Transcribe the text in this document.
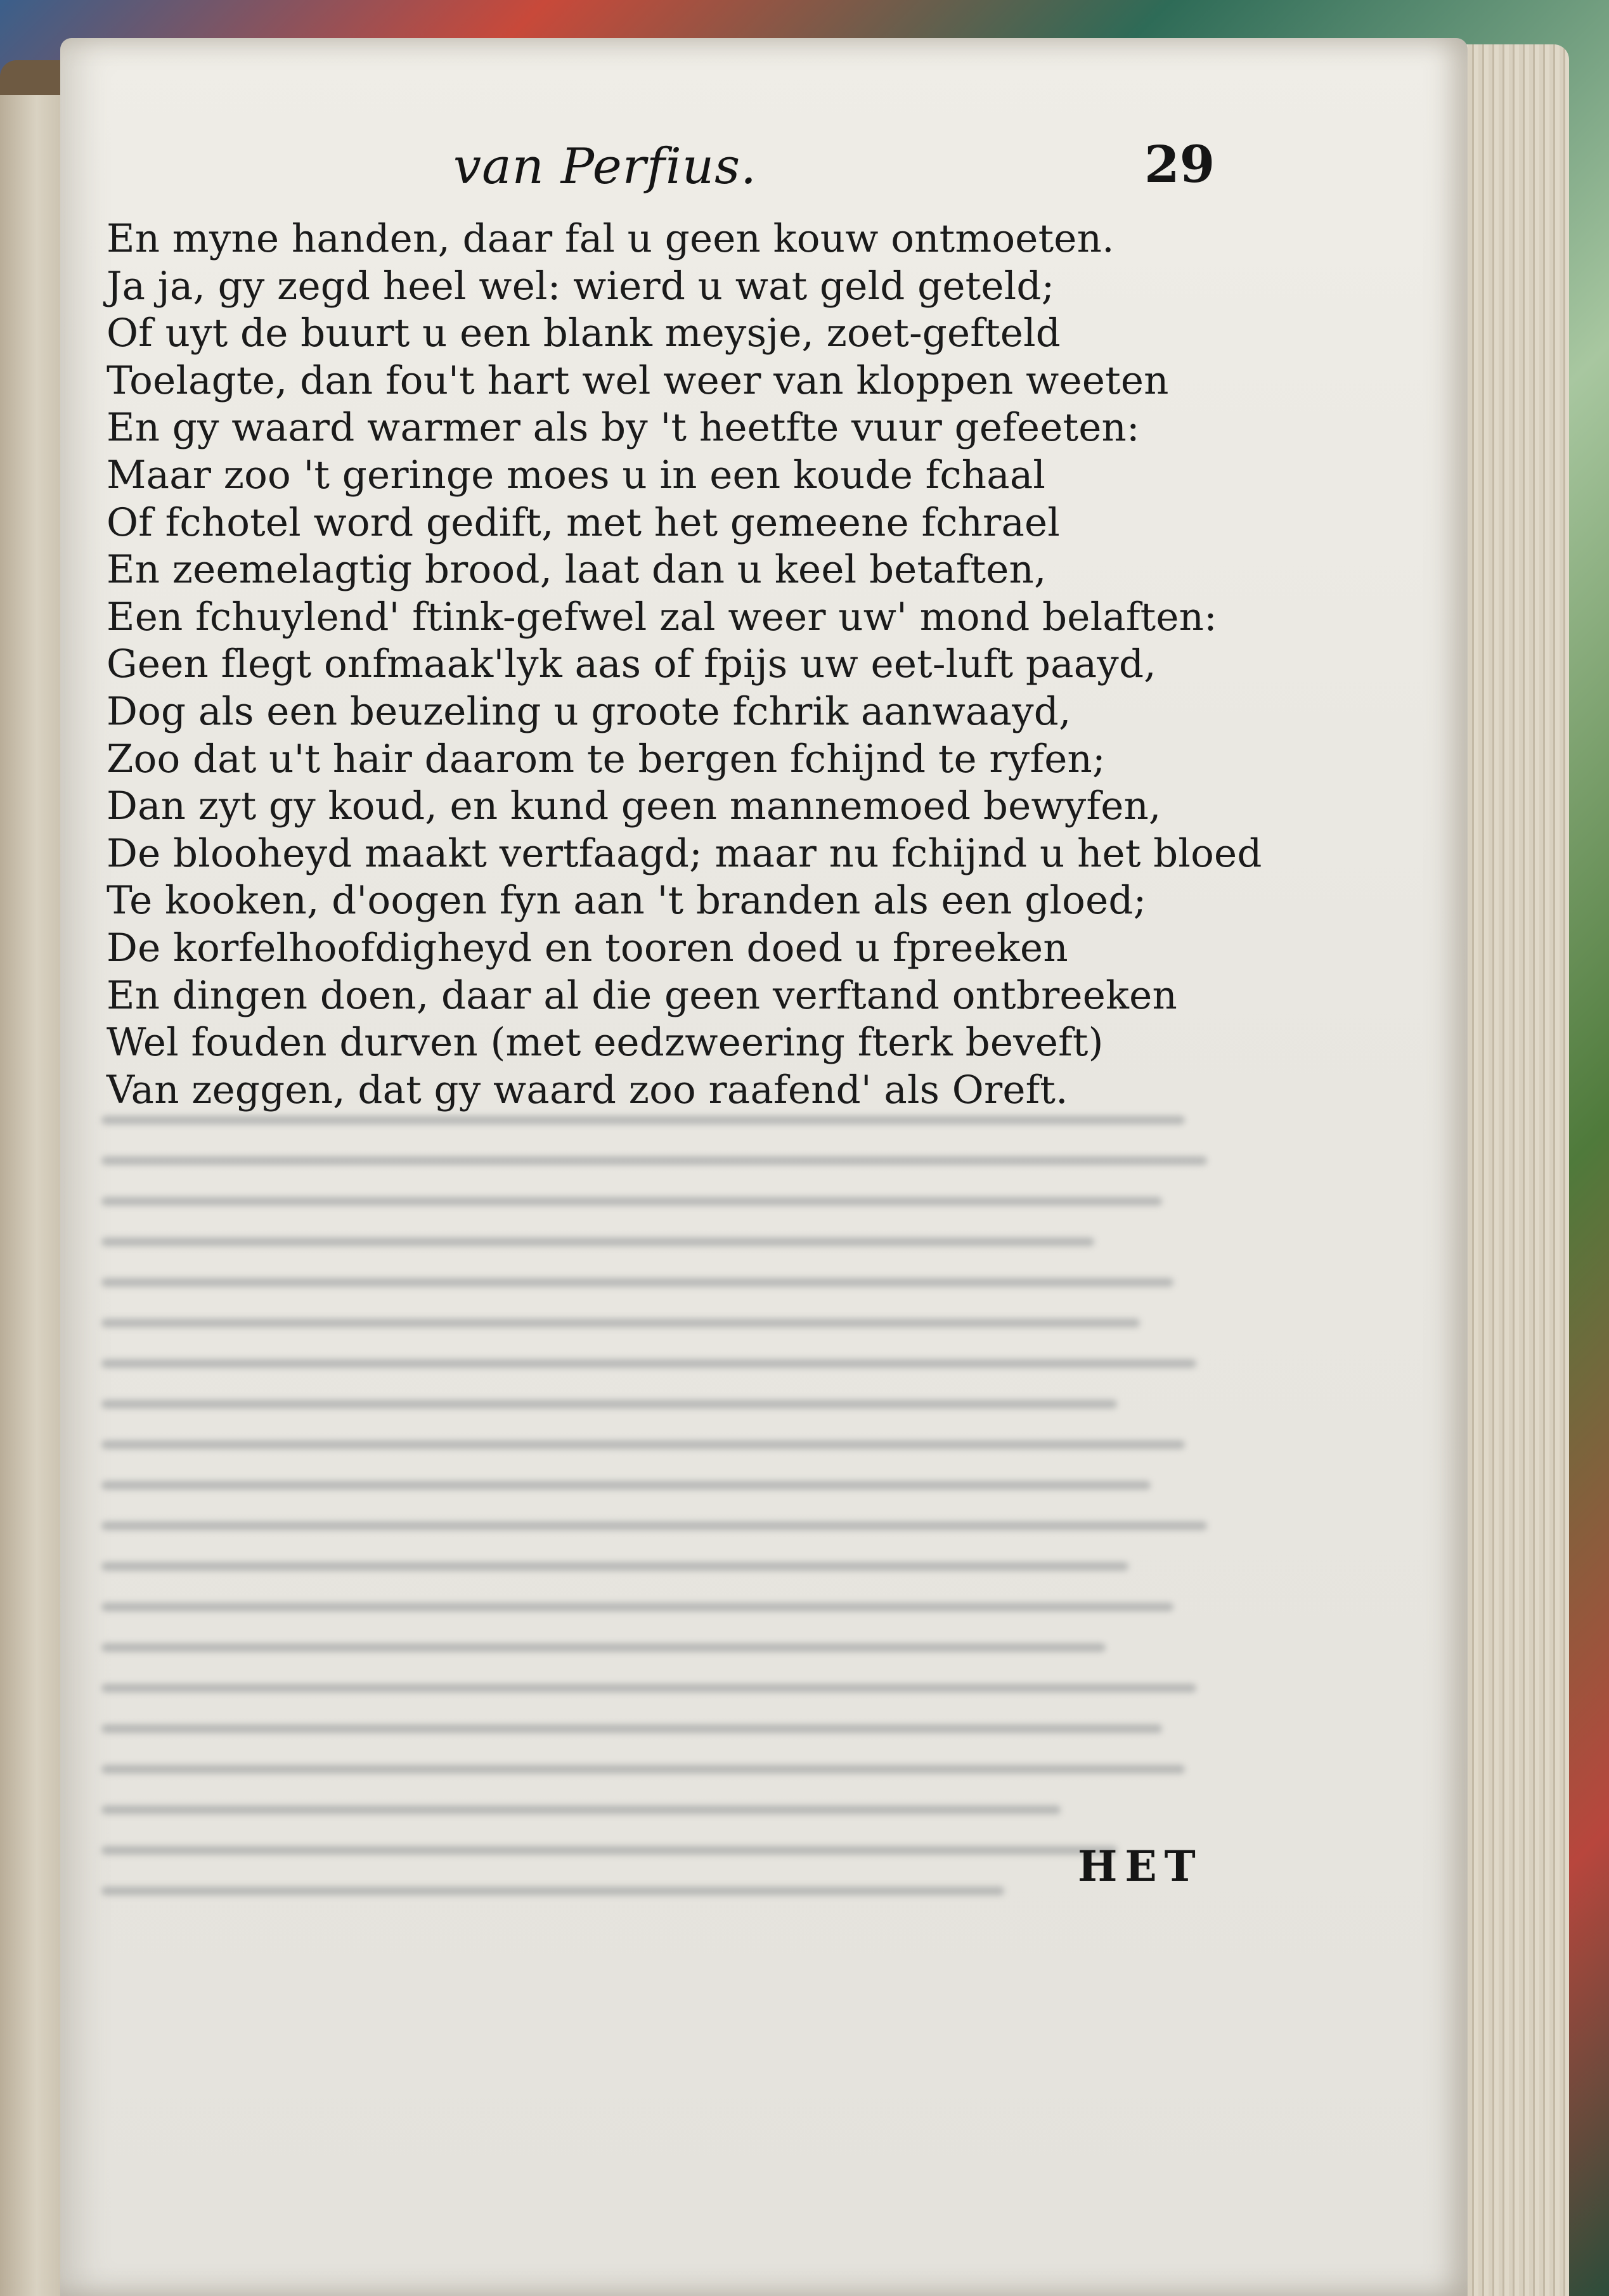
van Perfius.	29
En myne handen, daar fal u geen kouw ontmoeten.
Ja ja, gy zegd heel wel: wierd u wat geld geteld;
Of uyt de buurt u een blank meysje, zoet-gefteld
Toelagte, dan fou't hart wel weer van kloppen weeten
En gy waard warmer als by 't heetfte vuur gefeeten:
Maar zoo 't geringe moes u in een koude fchaal
Of fchotel word gedift, met het gemeene fchrael
En zeemelagtig brood, laat dan u keel betaften,
Een fchuylend' ftink-gefwel zal weer uw' mond belaften:
Geen flegt onfmaak'lyk aas of fpijs uw eet-luft paayd,
Dog als een beuzeling u groote fchrik aanwaayd,
Zoo dat u't hair daarom te bergen fchijnd te ryfen;
Dan zyt gy koud, en kund geen mannemoed bewyfen,
De blooheyd maakt vertfaagd; maar nu fchijnd u het bloed
Te kooken, d'oogen fyn aan 't branden als een gloed;
De korfelhoofdigheyd en tooren doed u fpreeken
En dingen doen, daar al die geen verftand ontbreeken
Wel fouden durven (met eedzweering fterk beveft)
Van zeggen, dat gy waard zoo raafend' als Oreft.
HET
